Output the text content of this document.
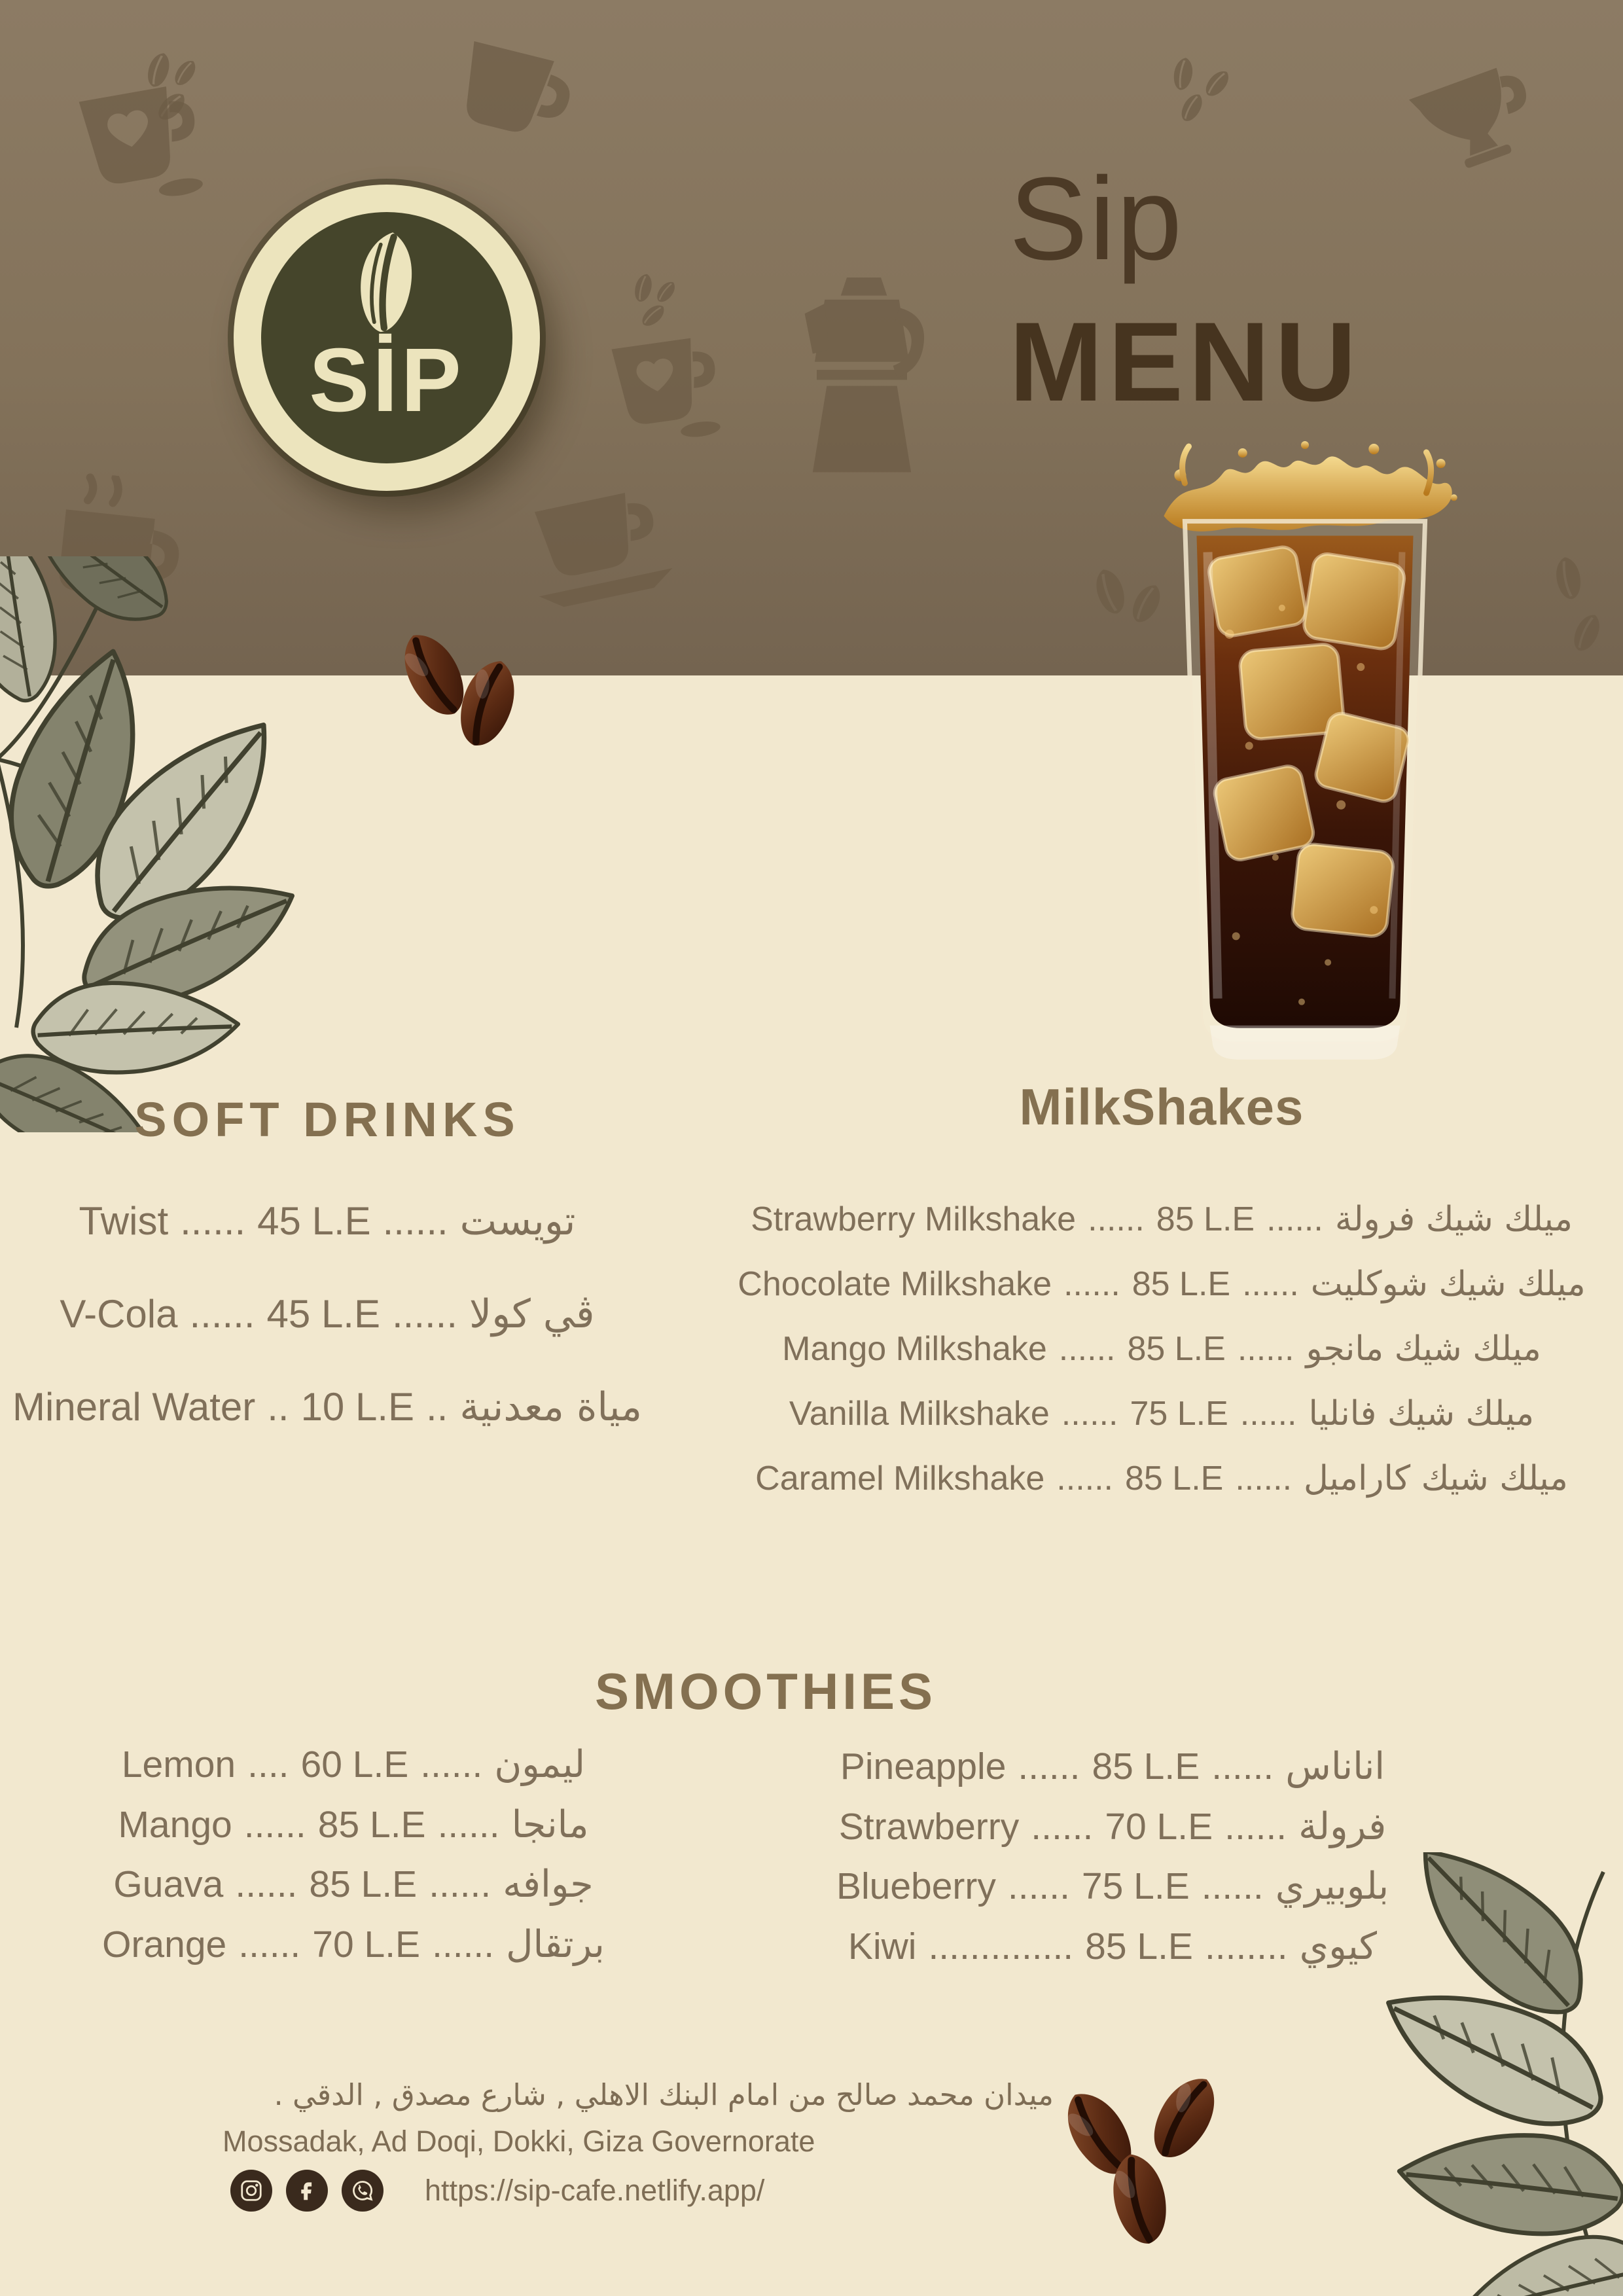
SİP
Sip
MENU
SOFT DRINKS
Twist ...... 45 L.E ...... تويست
V-Cola ...... 45 L.E ...... ڤي كولا
Mineral Water .. 10 L.E .. مياة معدنية
MilkShakes
Strawberry Milkshake ...... 85 L.E ...... ميلك شيك فرولة
Chocolate Milkshake ...... 85 L.E ...... ميلك شيك شوكليت
Mango Milkshake ...... 85 L.E ...... ميلك شيك مانجو
Vanilla Milkshake ...... 75 L.E ...... ميلك شيك فانليا
Caramel Milkshake ...... 85 L.E ...... ميلك شيك كاراميل
SMOOTHIES
Lemon .... 60 L.E ...... ليمون
Mango ...... 85 L.E ...... مانجا
Guava ...... 85 L.E ...... جوافه
Orange ...... 70 L.E ...... برتقال
Pineapple ...... 85 L.E ...... اناناس
Strawberry ...... 70 L.E ...... فرولة
Blueberry ...... 75 L.E ...... بلوبيري
Kiwi .............. 85 L.E ........ كيوي
ميدان محمد صالح من امام البنك الاهلي , شارع مصدق , الدقي .
Mossadak, Ad Doqi, Dokki, Giza Governorate
https://sip-cafe.netlify.app/
